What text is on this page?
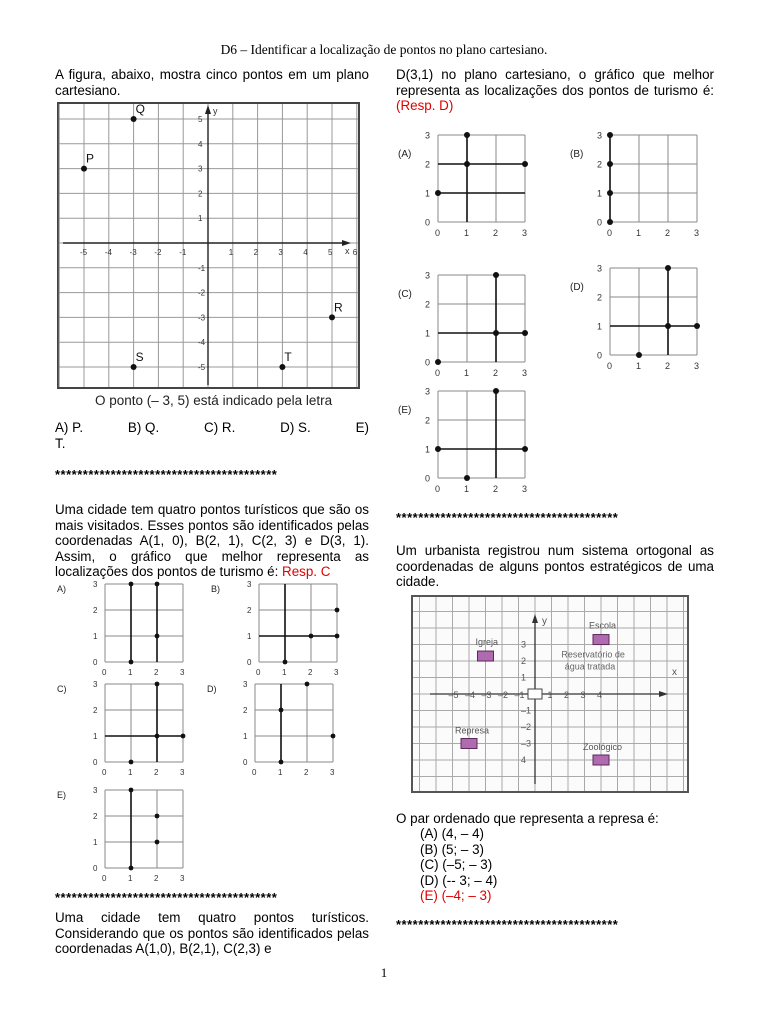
D6 – Identificar a localização de pontos no plano cartesiano.
A figura, abaixo, mostra cinco pontos em um plano cartesiano.
x
y
-5 -4 -3 -2 -1	1	2	3	4	5	6
5
4
3
2
1
-1
-2
-3
-4
-5
P
Q
R
S	T
O ponto (– 3, 5) está indicado pela letra
A) P.	B) Q.	C) R.	D) S.	E)
T.
****************************************
Uma cidade tem quatro pontos turísticos que são os mais visitados. Esses pontos são identificados pelas coordenadas A(1, 0), B(2, 1), C(2, 3) e D(3, 1). Assim, o gráfico que melhor representa as localizações dos pontos de turismo é: Resp. C
A)
0
0
1
1
2
2
3
3	B)
0
0
1
1
2
2
3
3
C)
0
0
1
1
2
2
3
3	D)
0
0
1
1
2
2
3
3
E)
0
0
1
1
2
2
3
3
****************************************
Uma cidade tem quatro pontos turísticos. Considerando que os pontos são identificados pelas coordenadas A(1,0), B(2,1), C(2,3) e
1
D(3,1) no plano cartesiano, o gráfico que melhor representa as localizações dos pontos de turismo é: (Resp. D)
(A)
0
0
1
1
2
2
3
3
(B)
0
0
1
1
2
2
3
3
(C)
0
0
1
1
2
2
3
3
(D)
0
0
1
1
2
2
3
3
(E)
0
0
1
1
2
2
3
3
****************************************
Um urbanista registrou num sistema ortogonal as coordenadas de alguns pontos estratégicos de uma cidade.
x
y
–5 –4 –3 –2 –1	1 2 3 4
3
2
1
–1
–2
–3
4
Igreja
Escola
Represa
Zoológico
Reservatório de
água tratada
O par ordenado que representa a represa é:
(A) (4, – 4)
(B) (5; – 3)
(C) (–5; – 3)
(D) (-- 3; – 4)
(E) (–4; – 3)
****************************************
